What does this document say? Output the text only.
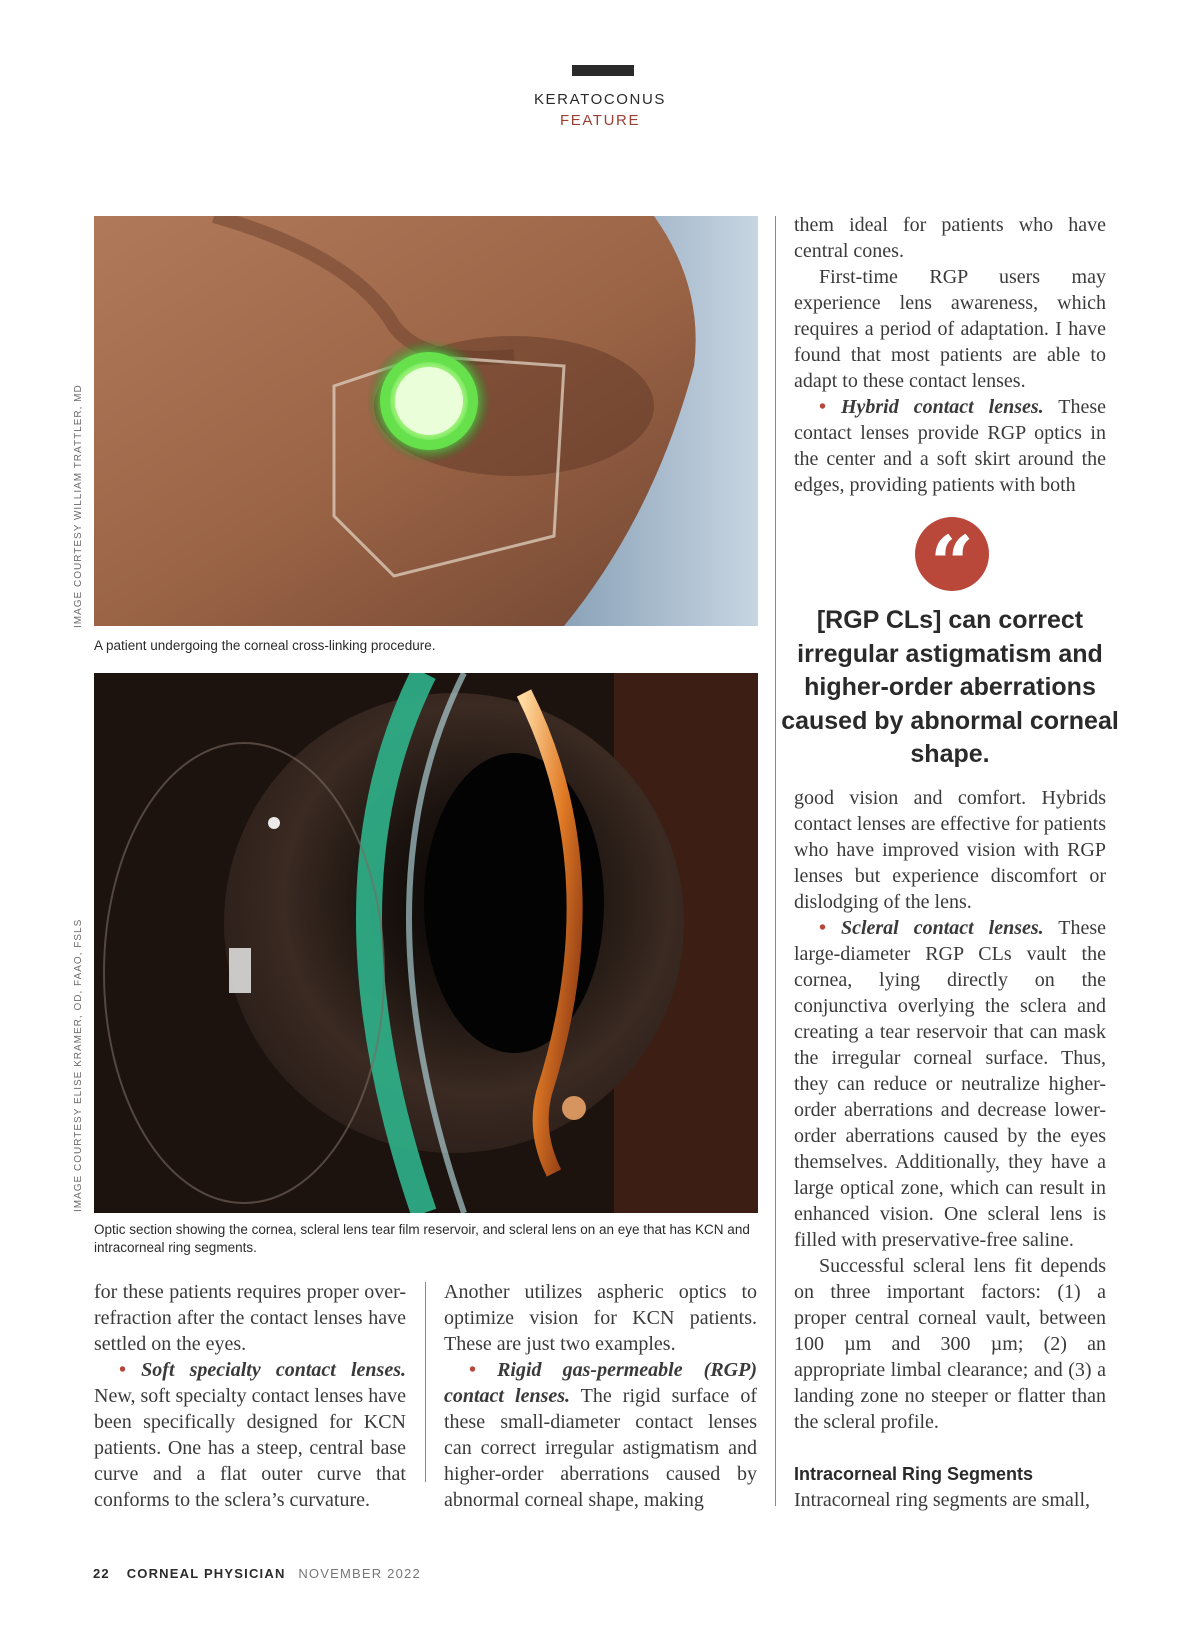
KERATOCONUS
FEATURE
IMAGE COURTESY WILLIAM TRATTLER, MD
A patient undergoing the corneal cross-linking procedure.
IMAGE COURTESY ELISE KRAMER, OD, FAAO, FSLS
Optic section showing the cornea, scleral lens tear film reservoir, and scleral lens on an eye that has KCN and intracorneal ring segments.

for these patients requires proper over-refraction after the contact lenses have settled on the eyes.

• Soft specialty contact lenses. New, soft specialty contact lenses have been specifically designed for KCN patients. One has a steep, central base curve and a flat outer curve that conforms to the sclera’s curvature.

Another utilizes aspheric optics to optimize vision for KCN patients. These are just two examples.

• Rigid gas-permeable (RGP) contact lenses. The rigid surface of these small-diameter contact lenses can correct irregular astigmatism and higher-order aberrations caused by abnormal corneal shape, making

them ideal for patients who have central cones.

First-time RGP users may experience lens awareness, which requires a period of adaptation. I have found that most patients are able to adapt to these contact lenses.

• Hybrid contact lenses. These contact lenses provide RGP optics in the center and a soft skirt around the edges, providing patients with both

“
[RGP CLs] can correct irregular astigmatism and higher-order aberrations caused by abnormal corneal shape.

good vision and comfort. Hybrids contact lenses are effective for patients who have improved vision with RGP lenses but experience discomfort or dislodging of the lens.

• Scleral contact lenses. These large-diameter RGP CLs vault the cornea, lying directly on the conjunctiva overlying the sclera and creating a tear reservoir that can mask the irregular corneal surface. Thus, they can reduce or neutralize higher-order aberrations and decrease lower-order aberrations caused by the eyes themselves. Additionally, they have a large optical zone, which can result in enhanced vision. One scleral lens is filled with preservative-free saline.

Successful scleral lens fit depends on three important factors: (1) a proper central corneal vault, between 100 µm and 300 µm; (2) an appropriate limbal clearance; and (3) a landing zone no steeper or flatter than the scleral profile.

Intracorneal Ring Segments

Intracorneal ring segments are small,

22 CORNEAL PHYSICIAN NOVEMBER 2022
